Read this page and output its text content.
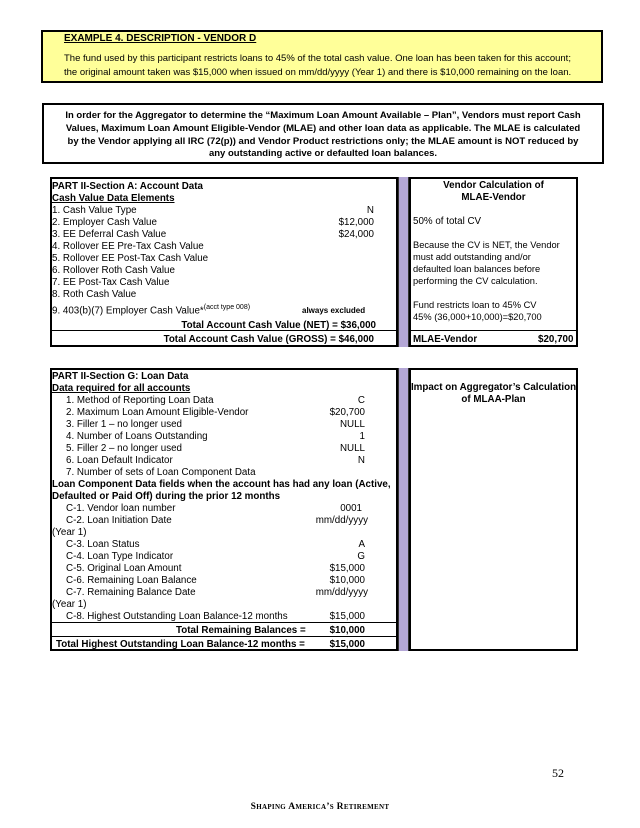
EXAMPLE 4. DESCRIPTION - VENDOR D
The fund used by this participant restricts loans to 45% of the total cash value. One loan has been taken for this account;
the original amount taken was $15,000 when issued on mm/dd/yyyy (Year 1) and there is $10,000 remaining on the loan.
In order for the Aggregator to determine the “Maximum Loan Amount Available – Plan”, Vendors must report Cash
Values, Maximum Loan Amount Eligible-Vendor (MLAE) and other loan data as applicable. The MLAE is calculated
by the Vendor applying all IRC (72(p)) and Vendor Product restrictions only; the MLAE amount is NOT reduced by
any outstanding active or defaulted loan balances.
PART II-Section A: Account Data
Cash Value Data Elements
1. Cash Value Type	N
2. Employer Cash Value	$12,000
3. EE Deferral Cash Value	$24,000
4. Rollover EE Pre-Tax Cash Value
5. Rollover EE Post-Tax Cash Value
6. Rollover Roth Cash Value
7. EE Post-Tax Cash Value
8. Roth Cash Value
9. 403(b)(7) Employer Cash Value*$^{(acct type 008)}$	always excluded
Total Account Cash Value (NET) = $36,000
Total Account Cash Value (GROSS) = $46,000
Vendor Calculation of
MLAE-Vendor
50% of total CV
Because the CV is NET, the Vendor
must add outstanding and/or
defaulted loan balances before
performing the CV calculation.
Fund restricts loan to 45% CV
45% (36,000+10,000)=$20,700
MLAE-Vendor	$20,700
PART II-Section G: Loan Data
Data required for all accounts
1. Method of Reporting Loan Data	C
2. Maximum Loan Amount Eligible-Vendor	$20,700
3. Filler 1 – no longer used	NULL
4. Number of Loans Outstanding	1
5. Filler 2 – no longer used	NULL
6. Loan Default Indicator	N
7. Number of sets of Loan Component Data
Loan Component Data fields when the account has had any loan (Active,
Defaulted or Paid Off) during the prior 12 months
C-1. Vendor loan number	0001
C-2. Loan Initiation Date	mm/dd/yyyy
(Year 1)
C-3. Loan Status	A
C-4. Loan Type Indicator	G
C-5. Original Loan Amount	$15,000
C-6. Remaining Loan Balance	$10,000
C-7. Remaining Balance Date	mm/dd/yyyy
(Year 1)
C-8. Highest Outstanding Loan Balance-12 months	$15,000
Total Remaining Balances = $10,000
Total Highest Outstanding Loan Balance-12 months =	$15,000
Impact on Aggregator’s Calculation
of MLAA-Plan
52
Shaping America’s Retirement
